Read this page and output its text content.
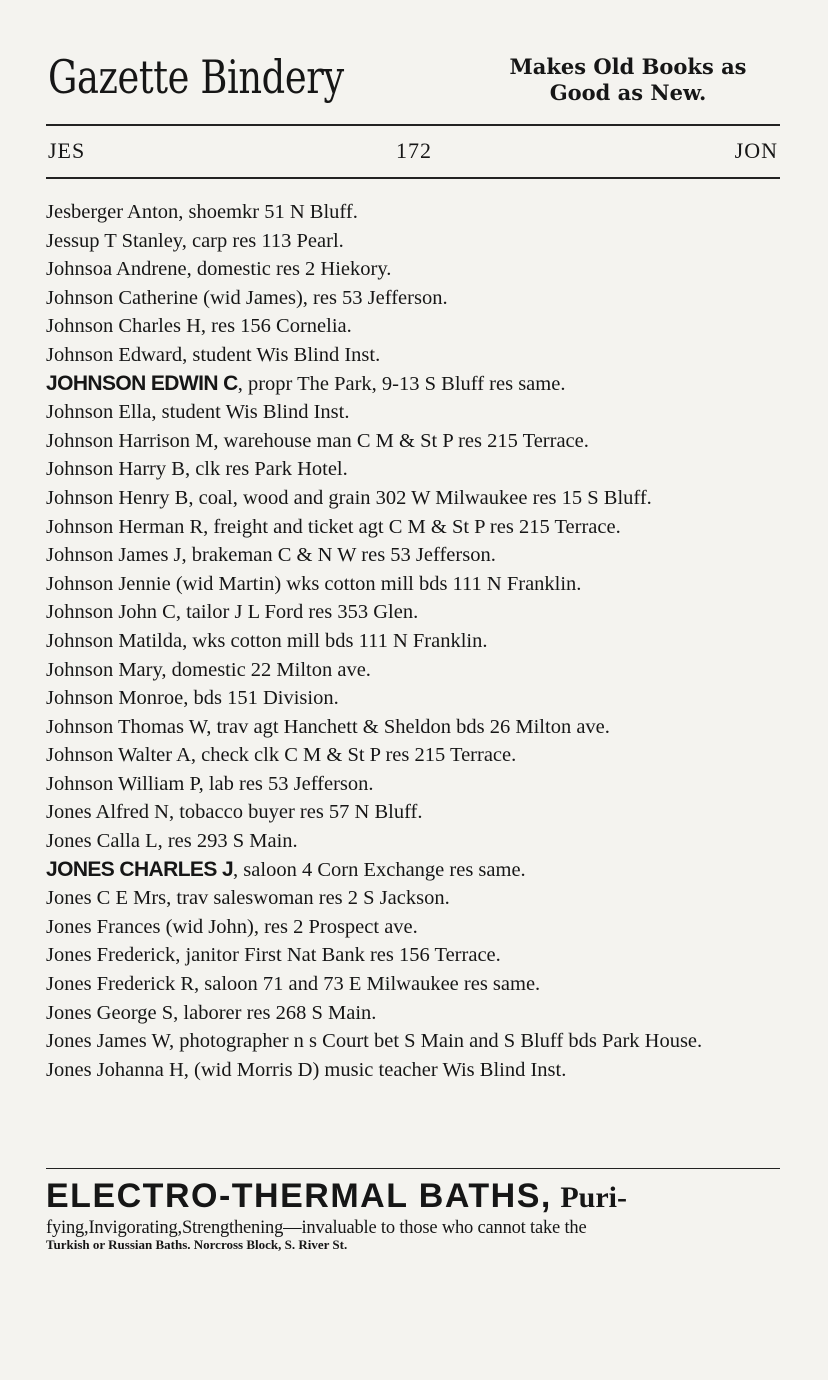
Gazette Bindery	Makes Old Books as
Good as New.
JES	172	JON
Jesberger Anton, shoemkr 51 N Bluff.
Jessup T Stanley, carp res 113 Pearl.
Johnsoa Andrene, domestic res 2 Hiekory.
Johnson Catherine (wid James), res 53 Jefferson.
Johnson Charles H, res 156 Cornelia.
Johnson Edward, student Wis Blind Inst.
JOHNSON EDWIN C, propr The Park, 9-13 S Bluff res same.
Johnson Ella, student Wis Blind Inst.
Johnson Harrison M, warehouse man C M & St P res 215 Terrace.
Johnson Harry B, clk res Park Hotel.
Johnson Henry B, coal, wood and grain 302 W Milwaukee res 15 S Bluff.
Johnson Herman R, freight and ticket agt C M & St P res 215 Terrace.
Johnson James J, brakeman C & N W res 53 Jefferson.
Johnson Jennie (wid Martin) wks cotton mill bds 111 N Franklin.
Johnson John C, tailor J L Ford res 353 Glen.
Johnson Matilda, wks cotton mill bds 111 N Franklin.
Johnson Mary, domestic 22 Milton ave.
Johnson Monroe, bds 151 Division.
Johnson Thomas W, trav agt Hanchett & Sheldon bds 26 Milton ave.
Johnson Walter A, check clk C M & St P res 215 Terrace.
Johnson William P, lab res 53 Jefferson.
Jones Alfred N, tobacco buyer res 57 N Bluff.
Jones Calla L, res 293 S Main.
JONES CHARLES J, saloon 4 Corn Exchange res same.
Jones C E Mrs, trav saleswoman res 2 S Jackson.
Jones Frances (wid John), res 2 Prospect ave.
Jones Frederick, janitor First Nat Bank res 156 Terrace.
Jones Frederick R, saloon 71 and 73 E Milwaukee res same.
Jones George S, laborer res 268 S Main.
Jones James W, photographer n s Court bet S Main and S Bluff bds Park House.
Jones Johanna H, (wid Morris D) music teacher Wis Blind Inst.
ELECTRO-THERMAL BATHS, Puri-
fying,Invigorating,Strengthening—invaluable to those who cannot take the
Turkish or Russian Baths. Norcross Block, S. River St.
